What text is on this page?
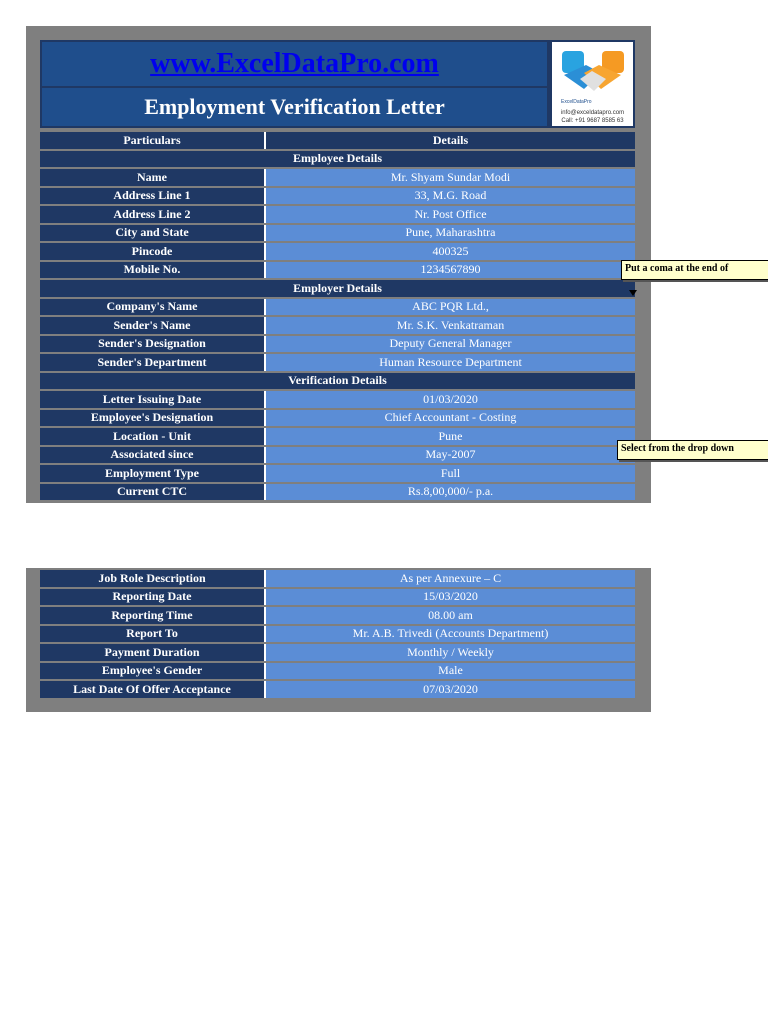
www.ExcelDataPro.com
Employment Verification Letter	ExcelDataPro
info@exceldatapro.com
Call: +91 9687 8585 63
Particulars	Details
Employee Details	
Name	Mr. Shyam Sundar Modi
Address Line 1	33, M.G. Road
Address Line 2	Nr. Post Office
City and State	Pune, Maharashtra
Pincode	400325
Mobile No.	1234567890
Employer Details	
Company's Name	ABC PQR Ltd.,
Sender's Name	Mr. S.K. Venkatraman
Sender's Designation	Deputy General Manager
Sender's Department	Human Resource Department
Verification Details	
Letter Issuing Date	01/03/2020
Employee's Designation	Chief Accountant - Costing
Location - Unit	Pune
Associated since	May-2007
Employment Type	Full
Current CTC	Rs.8,00,000/- p.a.
Job Role Description	As per Annexure – C
Reporting Date	15/03/2020
Reporting Time	08.00 am
Report To	Mr. A.B. Trivedi (Accounts Department)
Payment Duration	Monthly / Weekly
Employee's Gender	Male
Last Date Of Offer Acceptance	07/03/2020
Put a coma at the end of
Select from the drop down
